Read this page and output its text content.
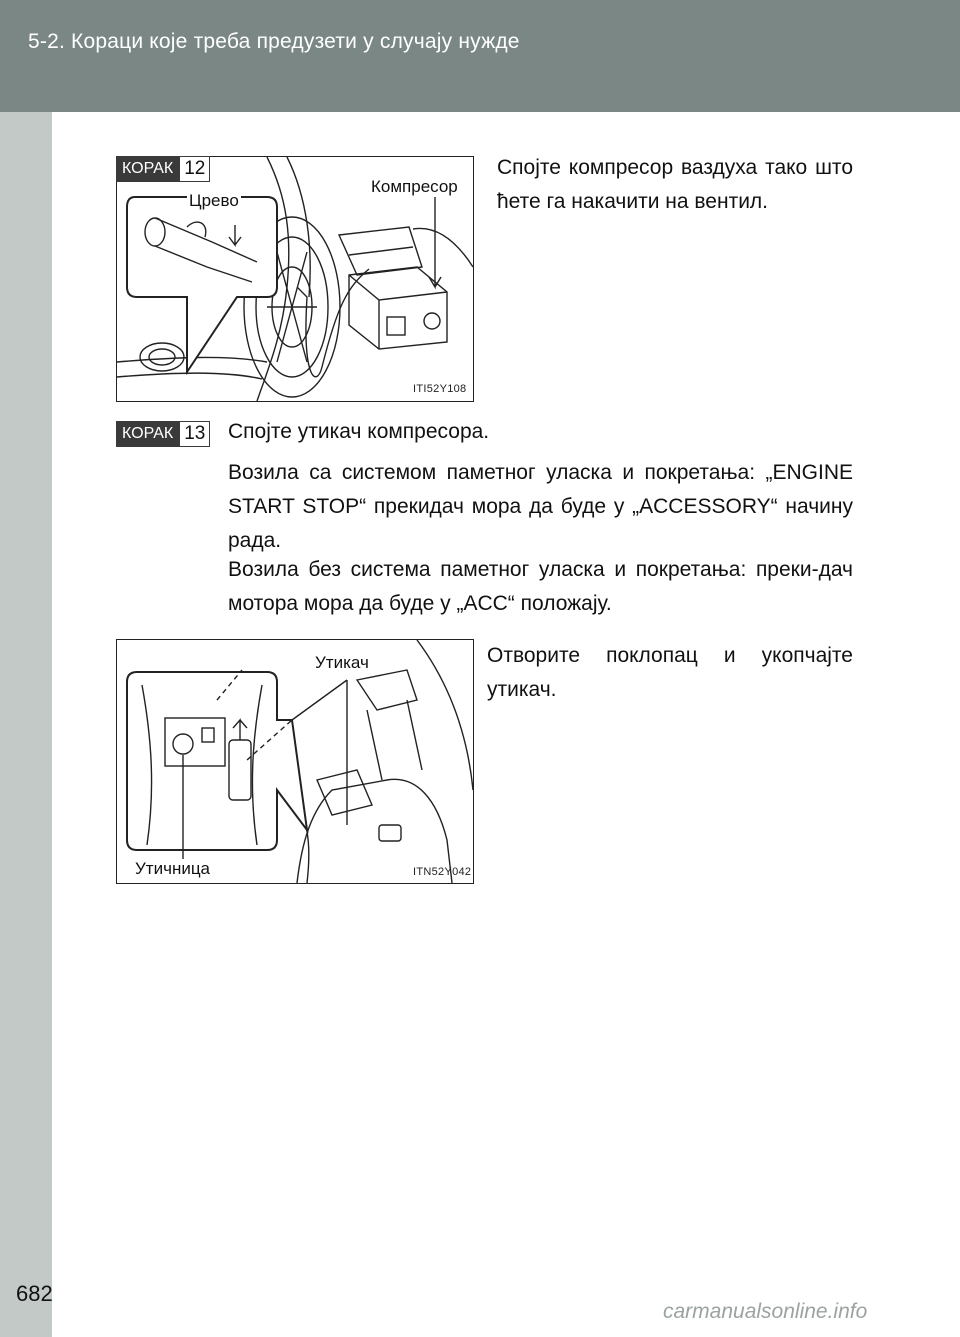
5-2. Кораци које треба предузети у случају нужде
682
Црево
Компресор
ITI52Y108
КОРАК 12	Спојте компресор ваздуха тако што ћете га накачити на вентил.
КОРАК 13 Спојте утикач компресора.
Возила са системом паметног уласка и покретања: „ENGINE START STOP“ прекидач мора да буде у „ACCESSORY“ начину рада.
Возила без система паметног уласка и покретања: преки-дач мотора мора да буде у „ACC“ положају.
Утикач
Утичница	ITN52Y042
Отворите поклопац и укопчајте утикач.
carmanualsonline.info
